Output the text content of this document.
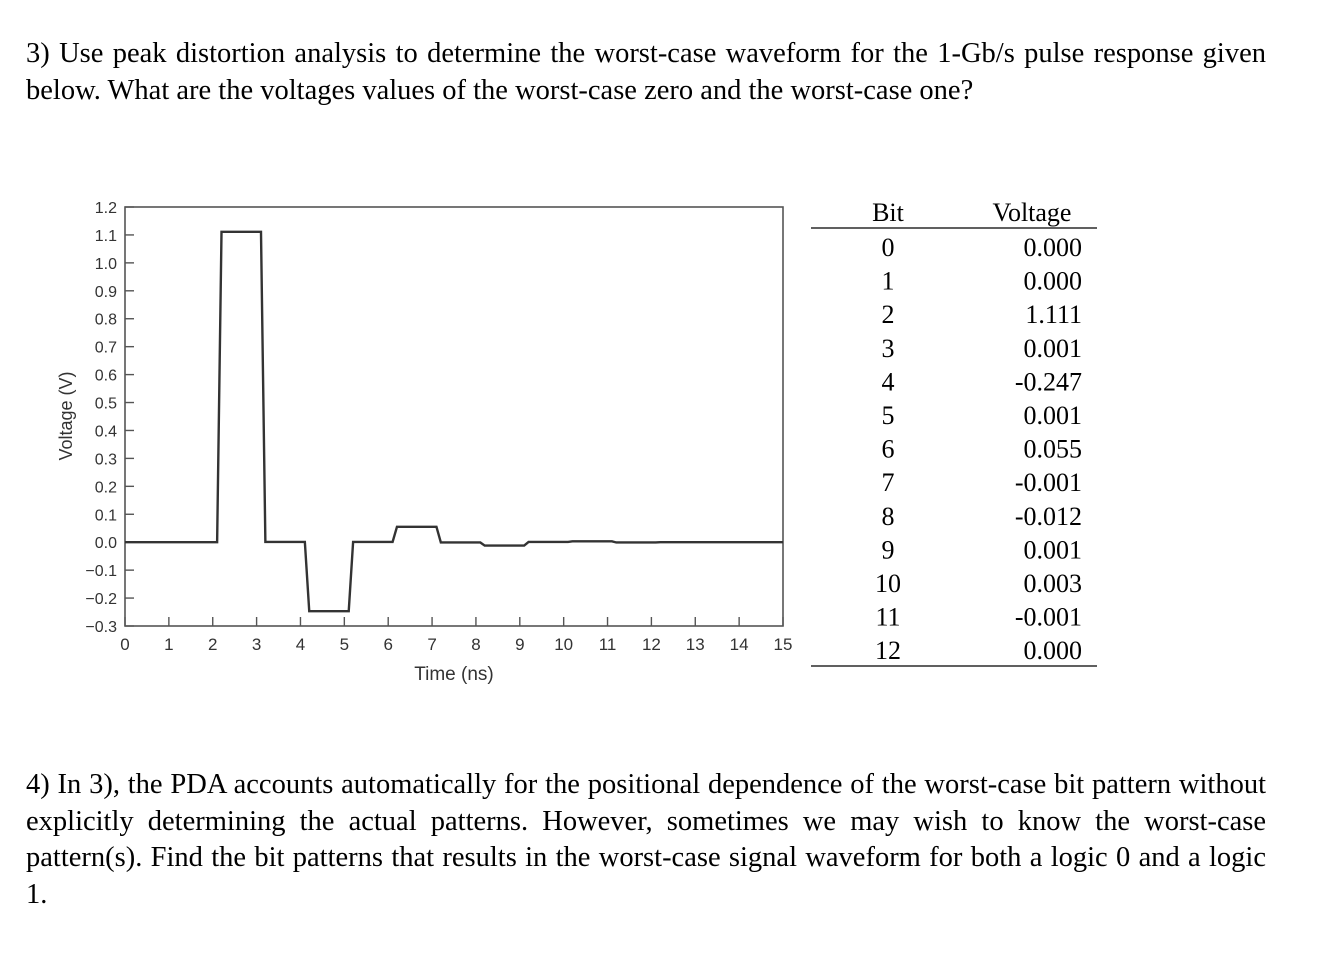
3) Use peak distortion analysis to determine the worst-case waveform for the 1-Gb/s pulse response given below. What are the voltages values of the worst-case zero and the worst-case one?

1.2
1.1
1.0
0.9
0.8
0.7
0.6
0.5
0.4
0.3
0.2
0.1
0.0
−0.1
−0.2
−0.3
0 1 2 3 4 5 6 7 8 9 10 11 12 13 14 15
Voltage (V)
Time (ns)
Bit	Voltage
0	0.000
1	0.000
2	1.111
3	0.001
4	-0.247
5	0.001
6	0.055
7	-0.001
8	-0.012
9	0.001
10	0.003
11	-0.001
12	0.000

4) In 3), the PDA accounts automatically for the positional dependence of the worst-case bit pattern without explicitly determining the actual patterns. However, sometimes we may wish to know the worst-case pattern(s). Find the bit patterns that results in the worst-case signal waveform for both a logic 0 and a logic 1.
